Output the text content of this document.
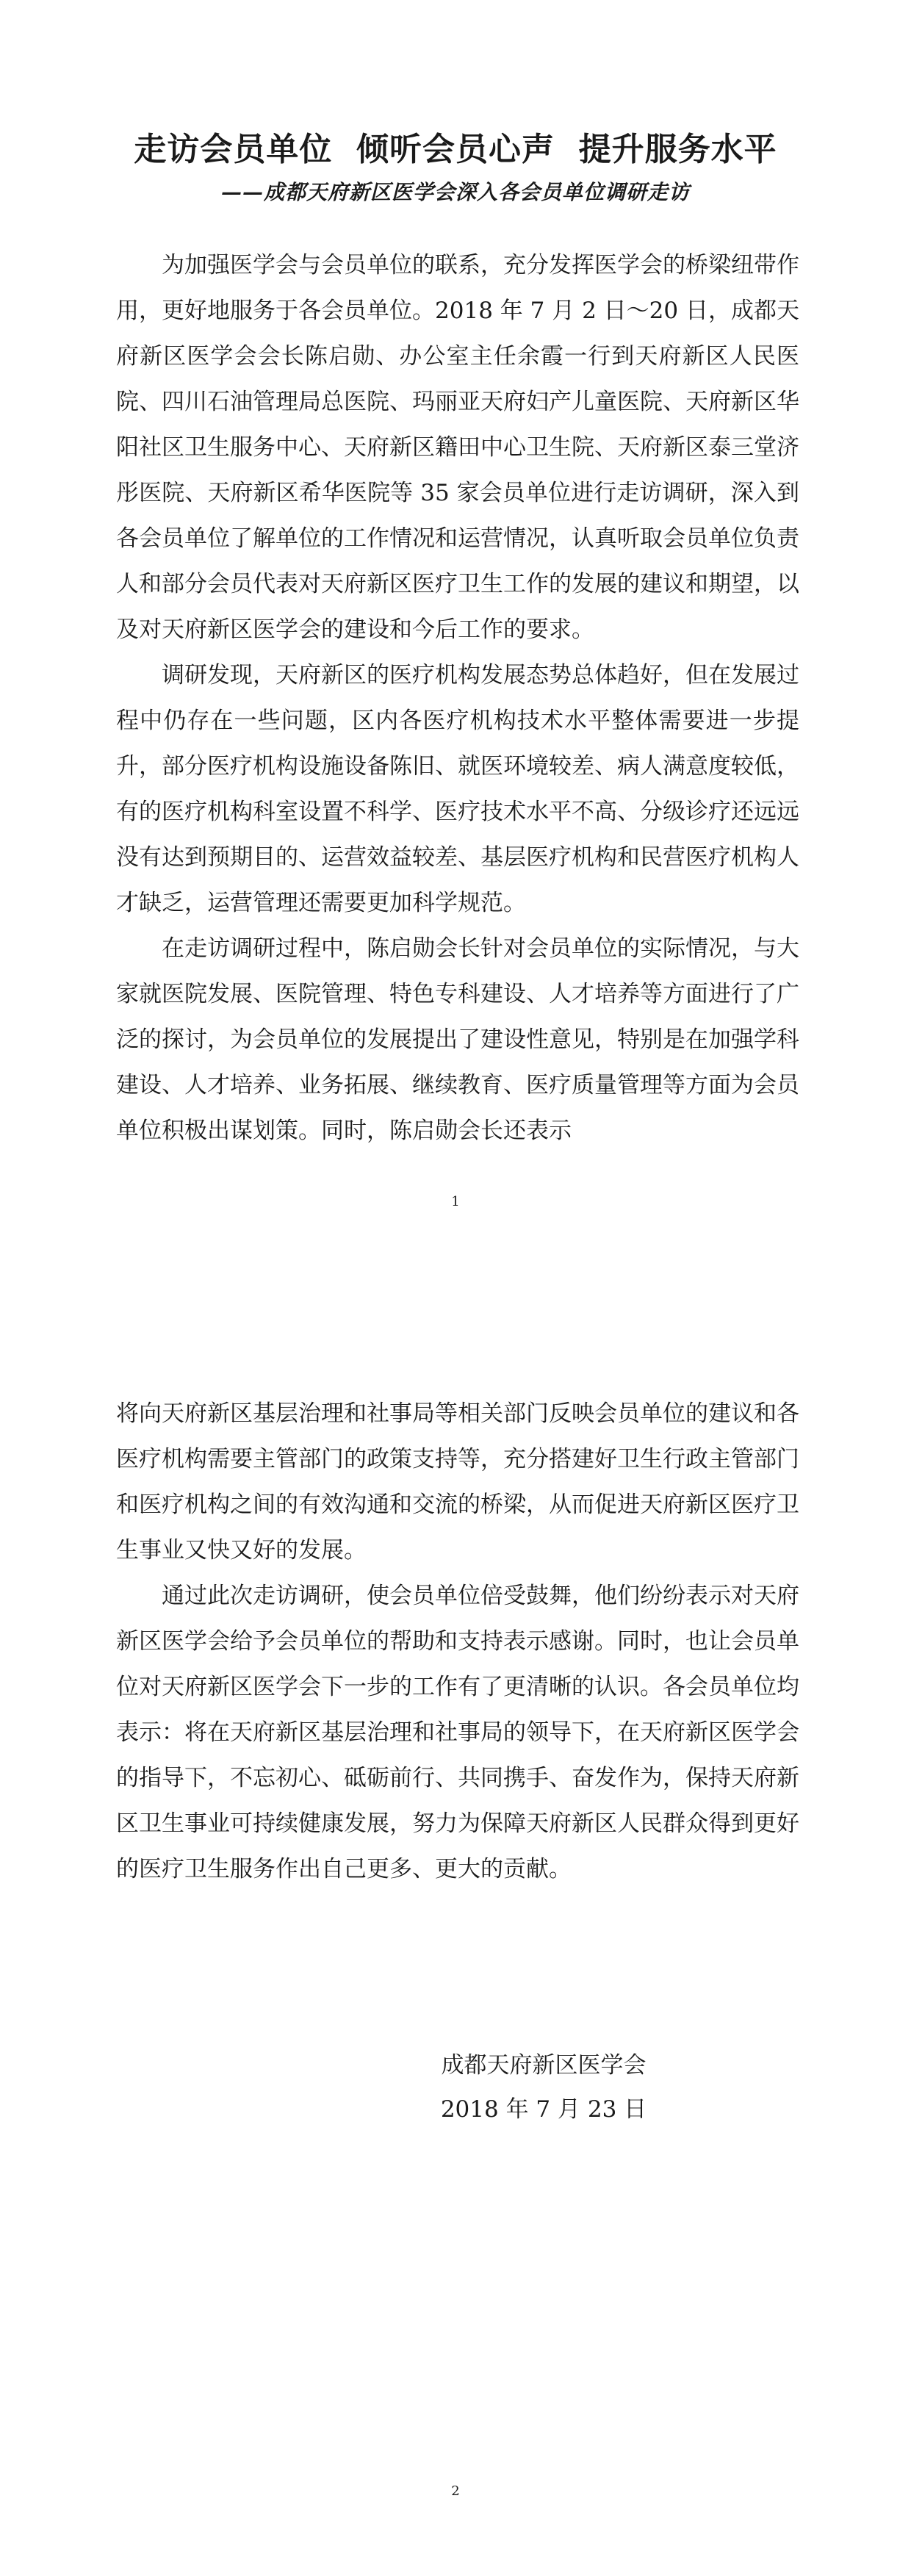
走访会员单位  倾听会员心声  提升服务水平
——成都天府新区医学会深入各会员单位调研走访

为加强医学会与会员单位的联系，充分发挥医学会的桥梁纽带作用，更好地服务于各会员单位。2018 年 7 月 2 日～20 日，成都天府新区医学会会长陈启勋、办公室主任余霞一行到天府新区人民医院、四川石油管理局总医院、玛丽亚天府妇产儿童医院、天府新区华阳社区卫生服务中心、天府新区籍田中心卫生院、天府新区泰三堂济彤医院、天府新区希华医院等 35 家会员单位进行走访调研，深入到各会员单位了解单位的工作情况和运营情况，认真听取会员单位负责人和部分会员代表对天府新区医疗卫生工作的发展的建议和期望，以及对天府新区医学会的建设和今后工作的要求。

调研发现，天府新区的医疗机构发展态势总体趋好，但在发展过程中仍存在一些问题，区内各医疗机构技术水平整体需要进一步提升，部分医疗机构设施设备陈旧、就医环境较差、病人满意度较低，有的医疗机构科室设置不科学、医疗技术水平不高、分级诊疗还远远没有达到预期目的、运营效益较差、基层医疗机构和民营医疗机构人才缺乏，运营管理还需要更加科学规范。

在走访调研过程中，陈启勋会长针对会员单位的实际情况，与大家就医院发展、医院管理、特色专科建设、人才培养等方面进行了广泛的探讨，为会员单位的发展提出了建设性意见，特别是在加强学科建设、人才培养、业务拓展、继续教育、医疗质量管理等方面为会员单位积极出谋划策。同时，陈启勋会长还表示

1

将向天府新区基层治理和社事局等相关部门反映会员单位的建议和各医疗机构需要主管部门的政策支持等，充分搭建好卫生行政主管部门和医疗机构之间的有效沟通和交流的桥梁，从而促进天府新区医疗卫生事业又快又好的发展。

通过此次走访调研，使会员单位倍受鼓舞，他们纷纷表示对天府新区医学会给予会员单位的帮助和支持表示感谢。同时，也让会员单位对天府新区医学会下一步的工作有了更清晰的认识。各会员单位均表示：将在天府新区基层治理和社事局的领导下，在天府新区医学会的指导下，不忘初心、砥砺前行、共同携手、奋发作为，保持天府新区卫生事业可持续健康发展，努力为保障天府新区人民群众得到更好的医疗卫生服务作出自己更多、更大的贡献。

成都天府新区医学会
2018 年 7 月 23 日
2
